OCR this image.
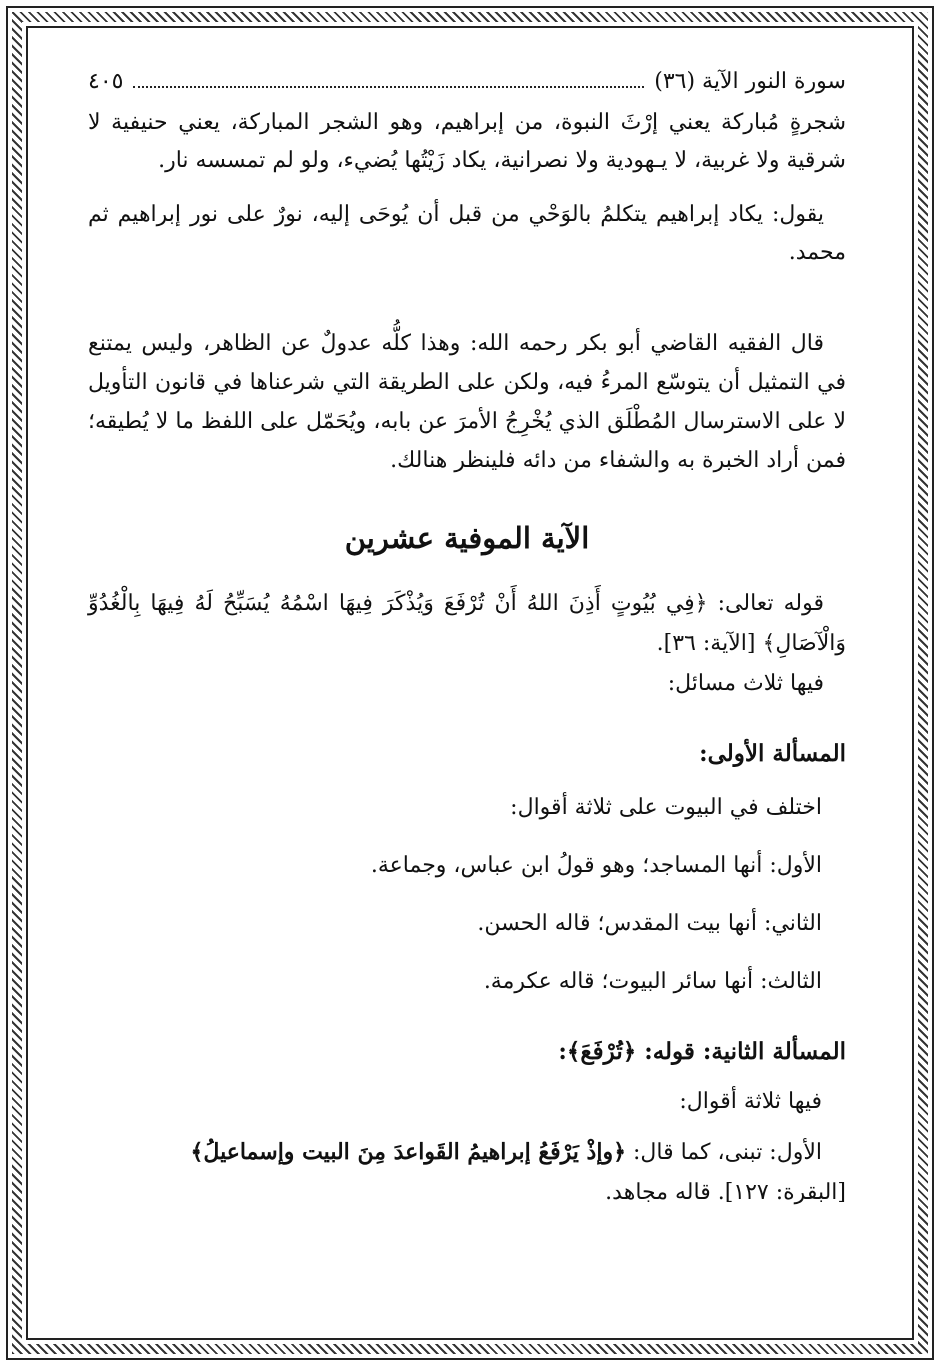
سورة النور الآية (٣٦)
٤٠٥

شجرةٍ مُباركة يعني إرْثَ النبوة، من إبراهيم، وهو الشجر المباركة، يعني حنيفية لا شرقية ولا غربية، لا يـهودية ولا نصرانية، يكاد زَيْتُها يُضيء، ولو لم تمسسه نار.

يقول: يكاد إبراهيم يتكلمُ بالوَحْي من قبل أن يُوحَى إليه، نورٌ على نور إبراهيم ثم محمد.

قال الفقيه القاضي أبو بكر رحمه الله: وهذا كلُّه عدولٌ عن الظاهر، وليس يمتنع في التمثيل أن يتوسّع المرءُ فيه، ولكن على الطريقة التي شرعناها في قانون التأويل لا على الاسترسال المُطْلَق الذي يُخْرِجُ الأمرَ عن بابه، ويُحَمّل على اللفظ ما لا يُطيقه؛ فمن أراد الخبرة به والشفاء من دائه فلينظر هنالك.

الآية الموفية عشرين

قوله تعالى: ﴿فِي بُيُوتٍ أَذِنَ اللهُ أَنْ تُرْفَعَ وَيُذْكَرَ فِيهَا اسْمُهُ يُسَبِّحُ لَهُ فِيهَا بِالْغُدُوِّ وَالْآصَالِ﴾ [الآية: ٣٦].

فيها ثلاث مسائل:

المسألة الأولى:

اختلف في البيوت على ثلاثة أقوال:

الأول: أنها المساجد؛ وهو قولُ ابن عباس، وجماعة.

الثاني: أنها بيت المقدس؛ قاله الحسن.

الثالث: أنها سائر البيوت؛ قاله عكرمة.

المسألة الثانية: قوله: ﴿تُرْفَعَ﴾:

فيها ثلاثة أقوال:

الأول: تبنى، كما قال: ﴿وإذْ يَرْفَعُ إبراهيمُ القَواعدَ مِنَ البيت وإسماعيلُ﴾

[البقرة: ١٢٧]. قاله مجاهد.
